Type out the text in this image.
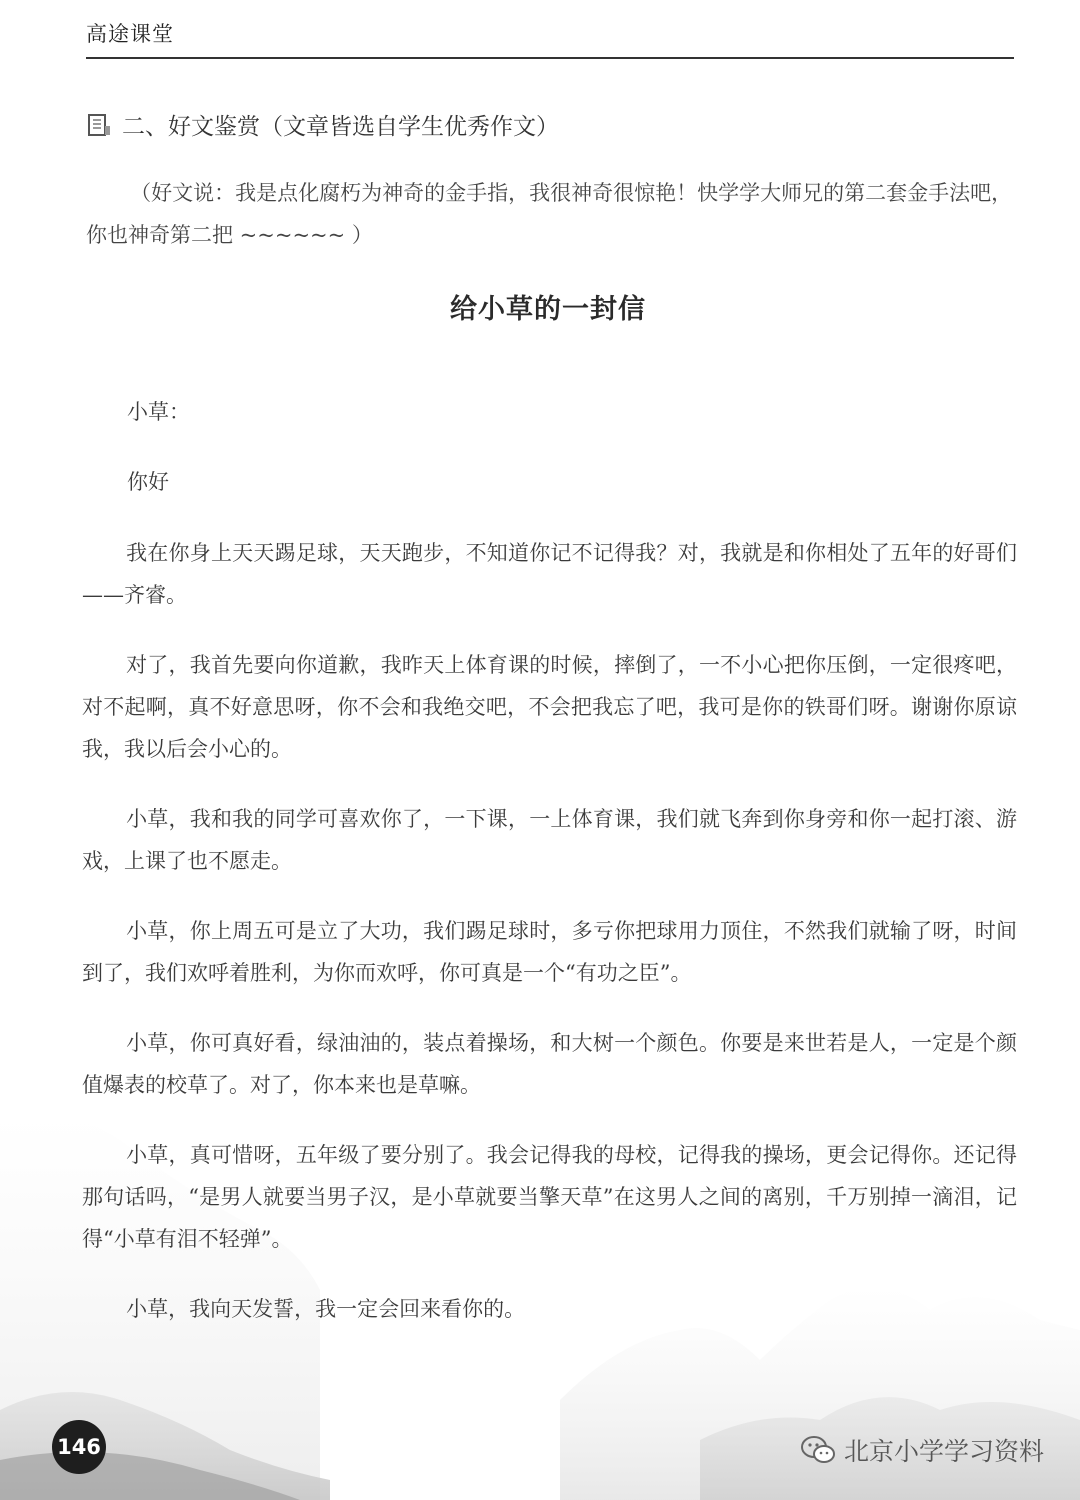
高途课堂
二、好文鉴赏（文章皆选自学生优秀作文）
（好文说：我是点化腐朽为神奇的金手指，我很神奇很惊艳！快学学大师兄的第二套金手法吧，你也神奇第二把 ~~~~~~ ）
给小草的一封信
小草：
你好
我在你身上天天踢足球，天天跑步，不知道你记不记得我？对，我就是和你相处了五年的好哥们——齐睿。
对了，我首先要向你道歉，我昨天上体育课的时候，摔倒了，一不小心把你压倒，一定很疼吧，对不起啊，真不好意思呀，你不会和我绝交吧，不会把我忘了吧，我可是你的铁哥们呀。谢谢你原谅我，我以后会小心的。
小草，我和我的同学可喜欢你了，一下课，一上体育课，我们就飞奔到你身旁和你一起打滚、游戏，上课了也不愿走。
小草，你上周五可是立了大功，我们踢足球时，多亏你把球用力顶住，不然我们就输了呀，时间到了，我们欢呼着胜利，为你而欢呼，你可真是一个“有功之臣”。
小草，你可真好看，绿油油的，装点着操场，和大树一个颜色。你要是来世若是人，一定是个颜值爆表的校草了。对了，你本来也是草嘛。
小草，真可惜呀，五年级了要分别了。我会记得我的母校，记得我的操场，更会记得你。还记得那句话吗，“是男人就要当男子汉，是小草就要当擎天草”在这男人之间的离别，千万别掉一滴泪，记得“小草有泪不轻弹”。
小草，我向天发誓，我一定会回来看你的。
146	北京小学学习资料
